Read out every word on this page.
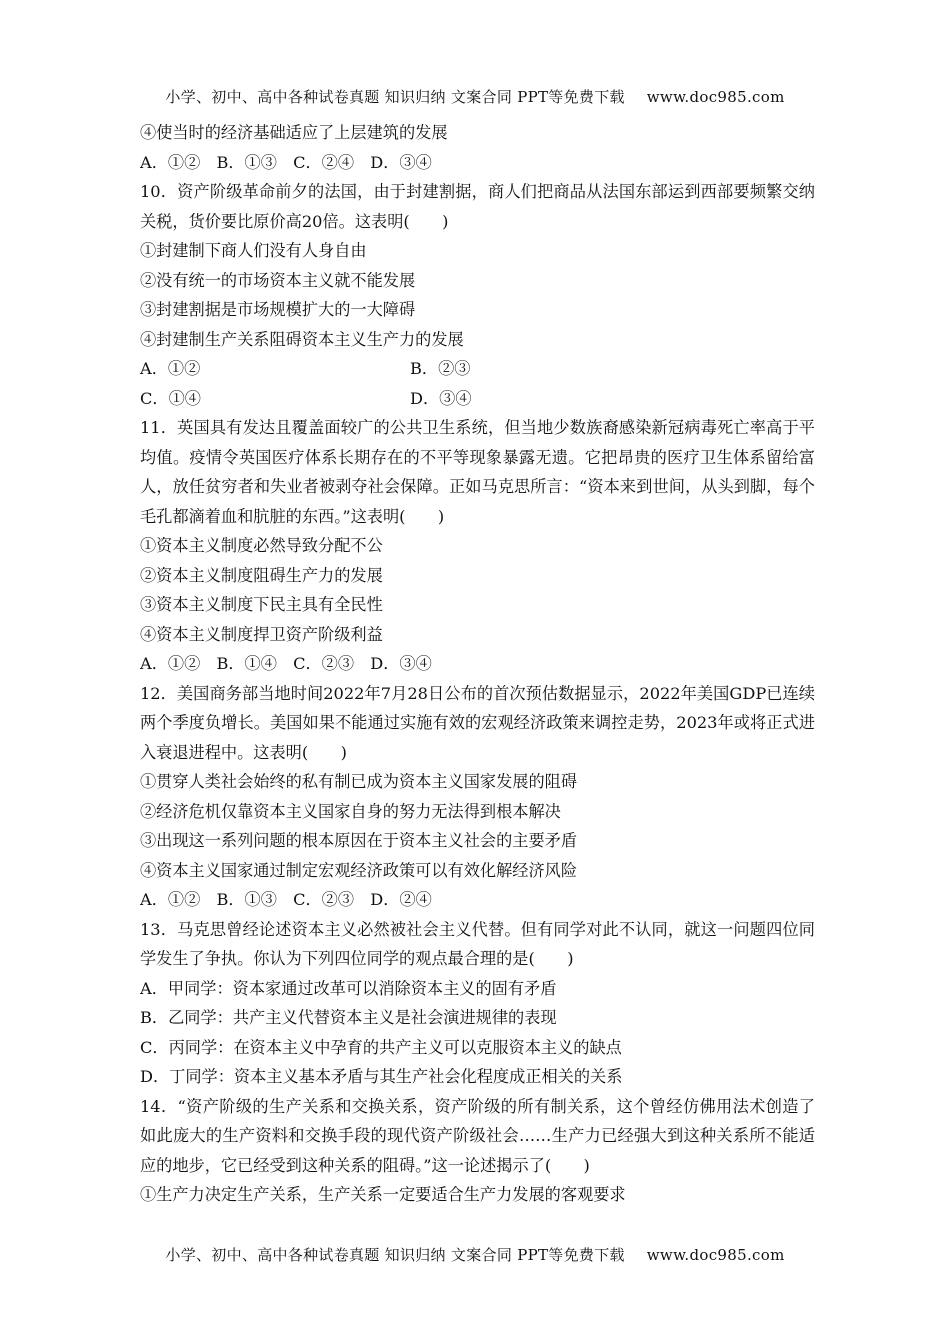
小学、初中、高中各种试卷真题 知识归纳 文案合同 PPT等免费下载 www.doc985.com
④使当时的经济基础适应了上层建筑的发展
A．①②　B．①③　C．②④　D．③④
10．资产阶级革命前夕的法国，由于封建割据，商人们把商品从法国东部运到西部要频繁交纳关税，货价要比原价高20倍。这表明(　　)
①封建制下商人们没有人身自由
②没有统一的市场资本主义就不能发展
③封建割据是市场规模扩大的一大障碍
④封建制生产关系阻碍资本主义生产力的发展
A．①②	B．②③
C．①④	D．③④
11．英国具有发达且覆盖面较广的公共卫生系统，但当地少数族裔感染新冠病毒死亡率高于平均值。疫情令英国医疗体系长期存在的不平等现象暴露无遗。它把昂贵的医疗卫生体系留给富人，放任贫穷者和失业者被剥夺社会保障。正如马克思所言：“资本来到世间，从头到脚，每个毛孔都滴着血和肮脏的东西。”这表明(　　)
①资本主义制度必然导致分配不公
②资本主义制度阻碍生产力的发展
③资本主义制度下民主具有全民性
④资本主义制度捍卫资产阶级利益
A．①②　B．①④　C．②③　D．③④
12．美国商务部当地时间2022年7月28日公布的首次预估数据显示，2022年美国GDP已连续两个季度负增长。美国如果不能通过实施有效的宏观经济政策来调控走势，2023年或将正式进入衰退进程中。这表明(　　)
①贯穿人类社会始终的私有制已成为资本主义国家发展的阻碍
②经济危机仅靠资本主义国家自身的努力无法得到根本解决
③出现这一系列问题的根本原因在于资本主义社会的主要矛盾
④资本主义国家通过制定宏观经济政策可以有效化解经济风险
A．①②　B．①③　C．②③　D．②④
13．马克思曾经论述资本主义必然被社会主义代替。但有同学对此不认同，就这一问题四位同学发生了争执。你认为下列四位同学的观点最合理的是(　　)
A．甲同学：资本家通过改革可以消除资本主义的固有矛盾
B．乙同学：共产主义代替资本主义是社会演进规律的表现
C．丙同学：在资本主义中孕育的共产主义可以克服资本主义的缺点
D．丁同学：资本主义基本矛盾与其生产社会化程度成正相关的关系
14．“资产阶级的生产关系和交换关系，资产阶级的所有制关系，这个曾经仿佛用法术创造了如此庞大的生产资料和交换手段的现代资产阶级社会……生产力已经强大到这种关系所不能适应的地步，它已经受到这种关系的阻碍。”这一论述揭示了(　　)
①生产力决定生产关系，生产关系一定要适合生产力发展的客观要求
小学、初中、高中各种试卷真题 知识归纳 文案合同 PPT等免费下载 www.doc985.com
